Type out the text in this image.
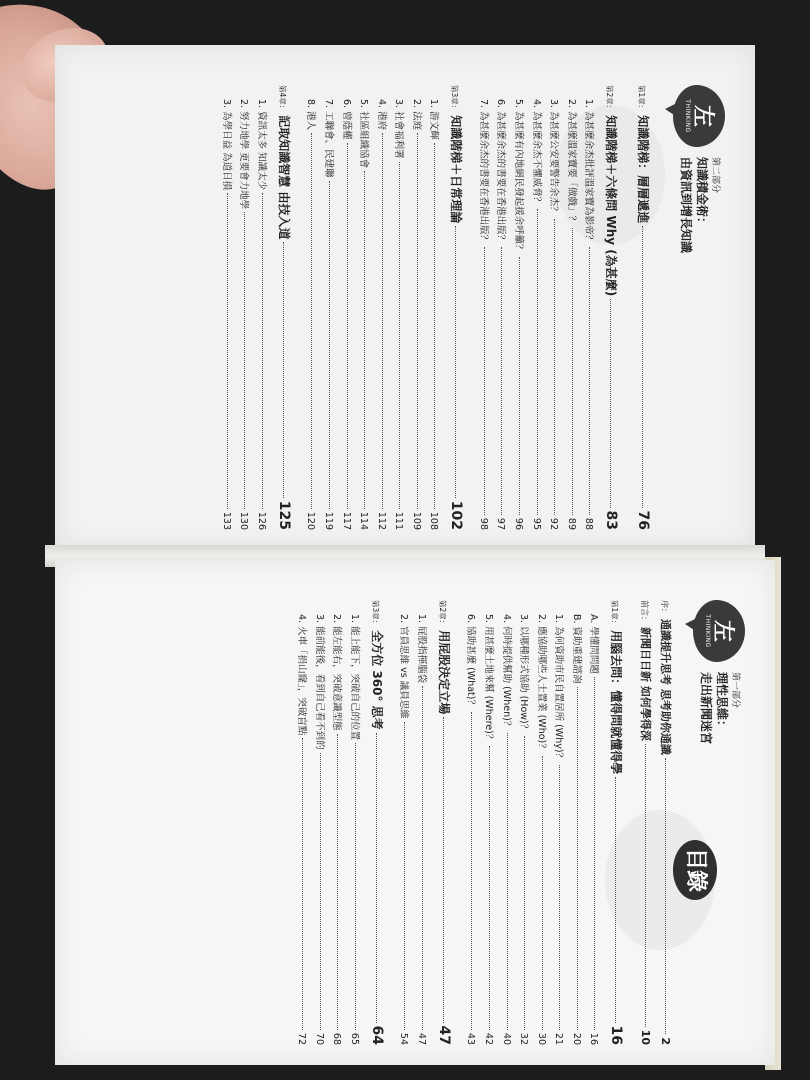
左
THINKING
第二部分
知識積金術：
由資訊到增長知識
第1章：
知識階梯：層層遞進
76
第2章：
知識階梯＋六條問 Why (為甚麼)
83
1. 為甚麼余杰批評溫家寶為影帝？
88
2. 為甚麼溫家寶要「做戲」？
89
3. 為甚麼公安要警告余杰？
92
4. 為甚麼余杰不懼威脅？
95
5. 為甚麼有內地網民發起援余呼籲？
96
6. 為甚麼余杰的書要在香港出版？
97
7. 為甚麼余杰的書要在香港出版？
98
第3章：
知識階梯＋日常理論
102
1. 游文輝
108
2. 法庭
109
3. 社會福利署
111
4. 港府
112
5. 社區組織協會
114
6. 曾蔭權
117
7. 工聯會、民建聯
119
8. 港人
120
第4章：
記取知識智慧 由技入道
125
1. 資訊太多 知識太少
126
2. 努力地學 更要會力地學
130
3. 為學日益 為道日損
133
目錄
左
THINKING
第一部分
理性思維：
走出新聞迷宮
序：
通識提升思考 思考助你通識
2
前言：
新聞日日新 如何學得深
10
第1章：
用腦去問：懂得問就懂得學
16
A. 學懂問問題
16
B. 資助重建諮詢
20
1. 為何資助市民自置居所 (Why)？
21
2. 應協助哪些人士置業 (Who)？
30
3. 以哪種形式協助 (How)？
32
4. 何時提供幫助 (When)？
40
5. 用甚麼土地來幫 (Where)？
42
6. 協助甚麼 (What)？
43
第2章：
用屁股決定立場
47
1. 屁股指揮腦袋
47
2. 官員思維 vs 議員思維
54
第3章：
全方位 360° 思考
64
1. 能上能下，突破自己的位置
65
2. 能左能右，突破意識型態
68
3. 能前能後，看到自己看不到的
70
4. 火車「捐山窿」，突破盲點
72
